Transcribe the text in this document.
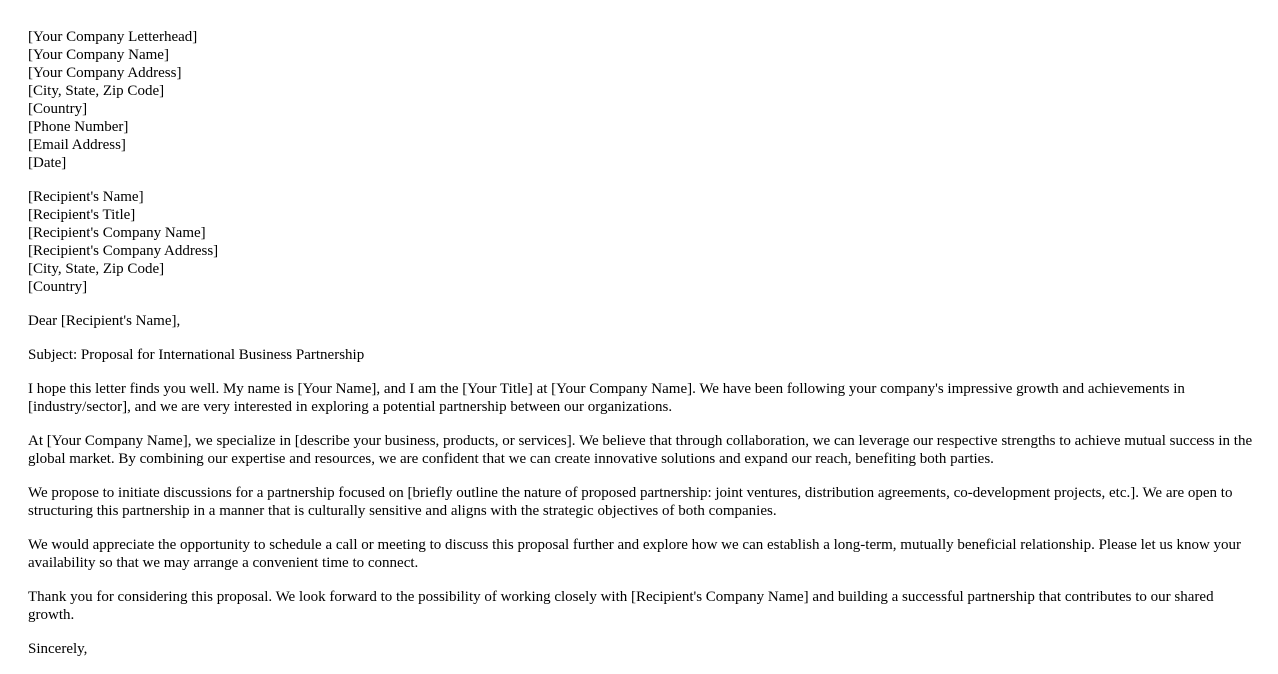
[Your Company Letterhead]
[Your Company Name]
[Your Company Address]
[City, State, Zip Code]
[Country]
[Phone Number]
[Email Address]
[Date]
[Recipient's Name]
[Recipient's Title]
[Recipient's Company Name]
[Recipient's Company Address]
[City, State, Zip Code]
[Country]

Dear [Recipient's Name],

Subject: Proposal for International Business Partnership

I hope this letter finds you well. My name is [Your Name], and I am the [Your Title] at [Your Company Name]. We have been following your company's impressive growth and achievements in [industry/sector], and we are very interested in exploring a potential partnership between our organizations.

At [Your Company Name], we specialize in [describe your business, products, or services]. We believe that through collaboration, we can leverage our respective strengths to achieve mutual success in the global market. By combining our expertise and resources, we are confident that we can create innovative solutions and expand our reach, benefiting both parties.

We propose to initiate discussions for a partnership focused on [briefly outline the nature of proposed partnership: joint ventures, distribution agreements, co-development projects, etc.]. We are open to structuring this partnership in a manner that is culturally sensitive and aligns with the strategic objectives of both companies.

We would appreciate the opportunity to schedule a call or meeting to discuss this proposal further and explore how we can establish a long-term, mutually beneficial relationship. Please let us know your availability so that we may arrange a convenient time to connect.

Thank you for considering this proposal. We look forward to the possibility of working closely with [Recipient's Company Name] and building a successful partnership that contributes to our shared growth.

Sincerely,
